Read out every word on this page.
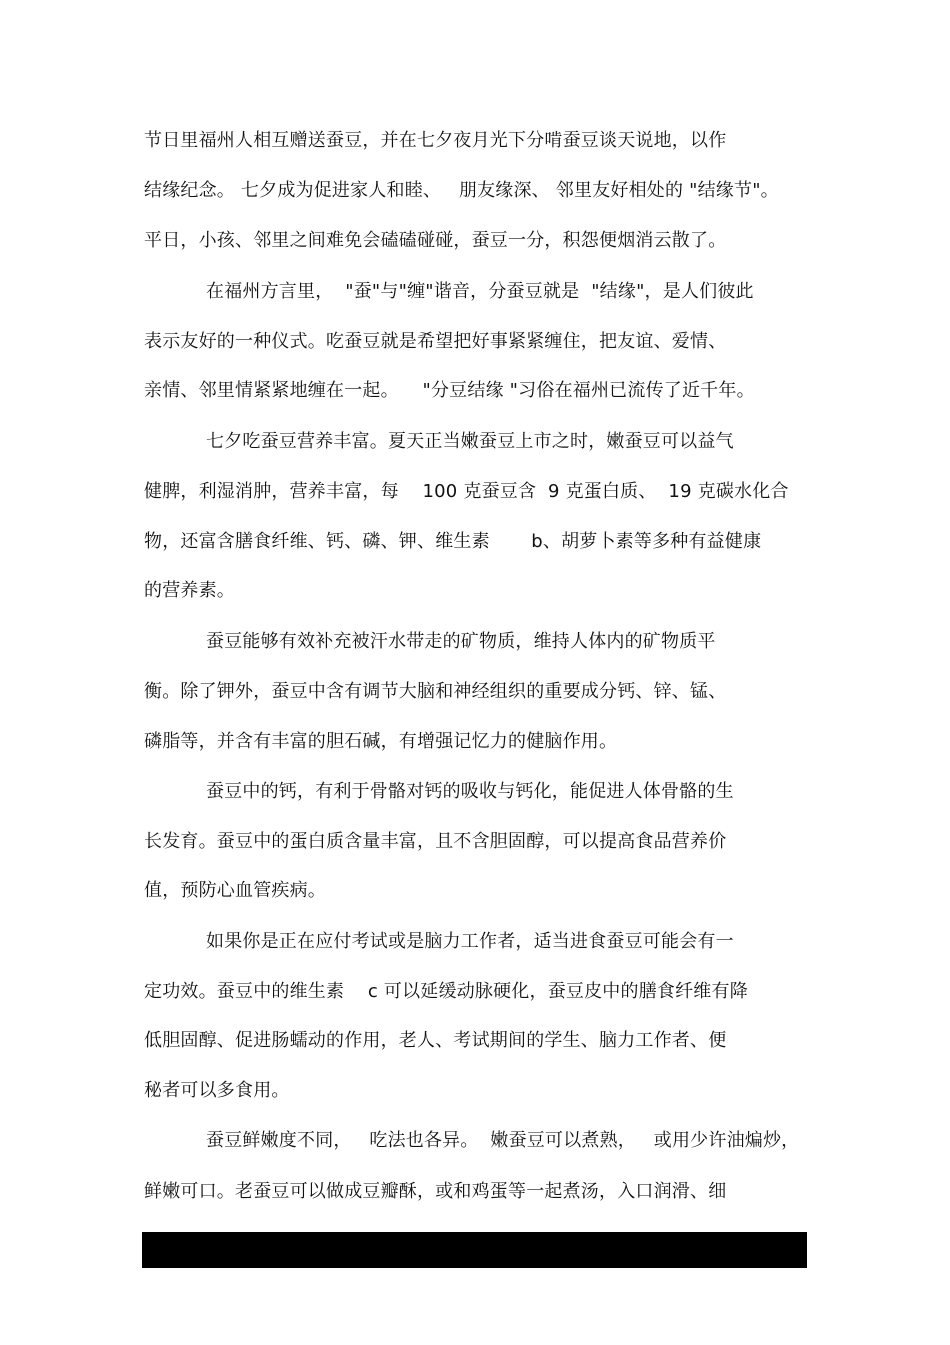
节日里福州人相互赠送蚕豆，并在七夕夜月光下分啃蚕豆谈天说地，以作
结缘纪念。 七夕成为促进家人和睦、   朋友缘深、 邻里友好相处的 "结缘节"。
平日，小孩、邻里之间难免会磕磕碰碰，蚕豆一分，积怨便烟消云散了。
在福州方言里，  "蚕"与"缠"谐音，分蚕豆就是  "结缘"，是人们彼此
表示友好的一种仪式。吃蚕豆就是希望把好事紧紧缠住，把友谊、爱情、
亲情、邻里情紧紧地缠在一起。    "分豆结缘 "习俗在福州已流传了近千年。
七夕吃蚕豆营养丰富。夏天正当嫩蚕豆上市之时，嫩蚕豆可以益气
健脾，利湿消肿，营养丰富，每    100 克蚕豆含  9 克蛋白质、  19 克碳水化合
物，还富含膳食纤维、钙、磷、钾、维生素       b、胡萝卜素等多种有益健康
的营养素。
蚕豆能够有效补充被汗水带走的矿物质，维持人体内的矿物质平
衡。除了钾外，蚕豆中含有调节大脑和神经组织的重要成分钙、锌、锰、
磷脂等，并含有丰富的胆石碱，有增强记忆力的健脑作用。
蚕豆中的钙，有利于骨骼对钙的吸收与钙化，能促进人体骨骼的生
长发育。蚕豆中的蛋白质含量丰富，且不含胆固醇，可以提高食品营养价
值，预防心血管疾病。
如果你是正在应付考试或是脑力工作者，适当进食蚕豆可能会有一
定功效。蚕豆中的维生素    c 可以延缓动脉硬化，蚕豆皮中的膳食纤维有降
低胆固醇、促进肠蠕动的作用，老人、考试期间的学生、脑力工作者、便
秘者可以多食用。
蚕豆鲜嫩度不同，   吃法也各异。  嫩蚕豆可以煮熟，   或用少许油煸炒，
鲜嫩可口。老蚕豆可以做成豆瓣酥，或和鸡蛋等一起煮汤，入口润滑、细
